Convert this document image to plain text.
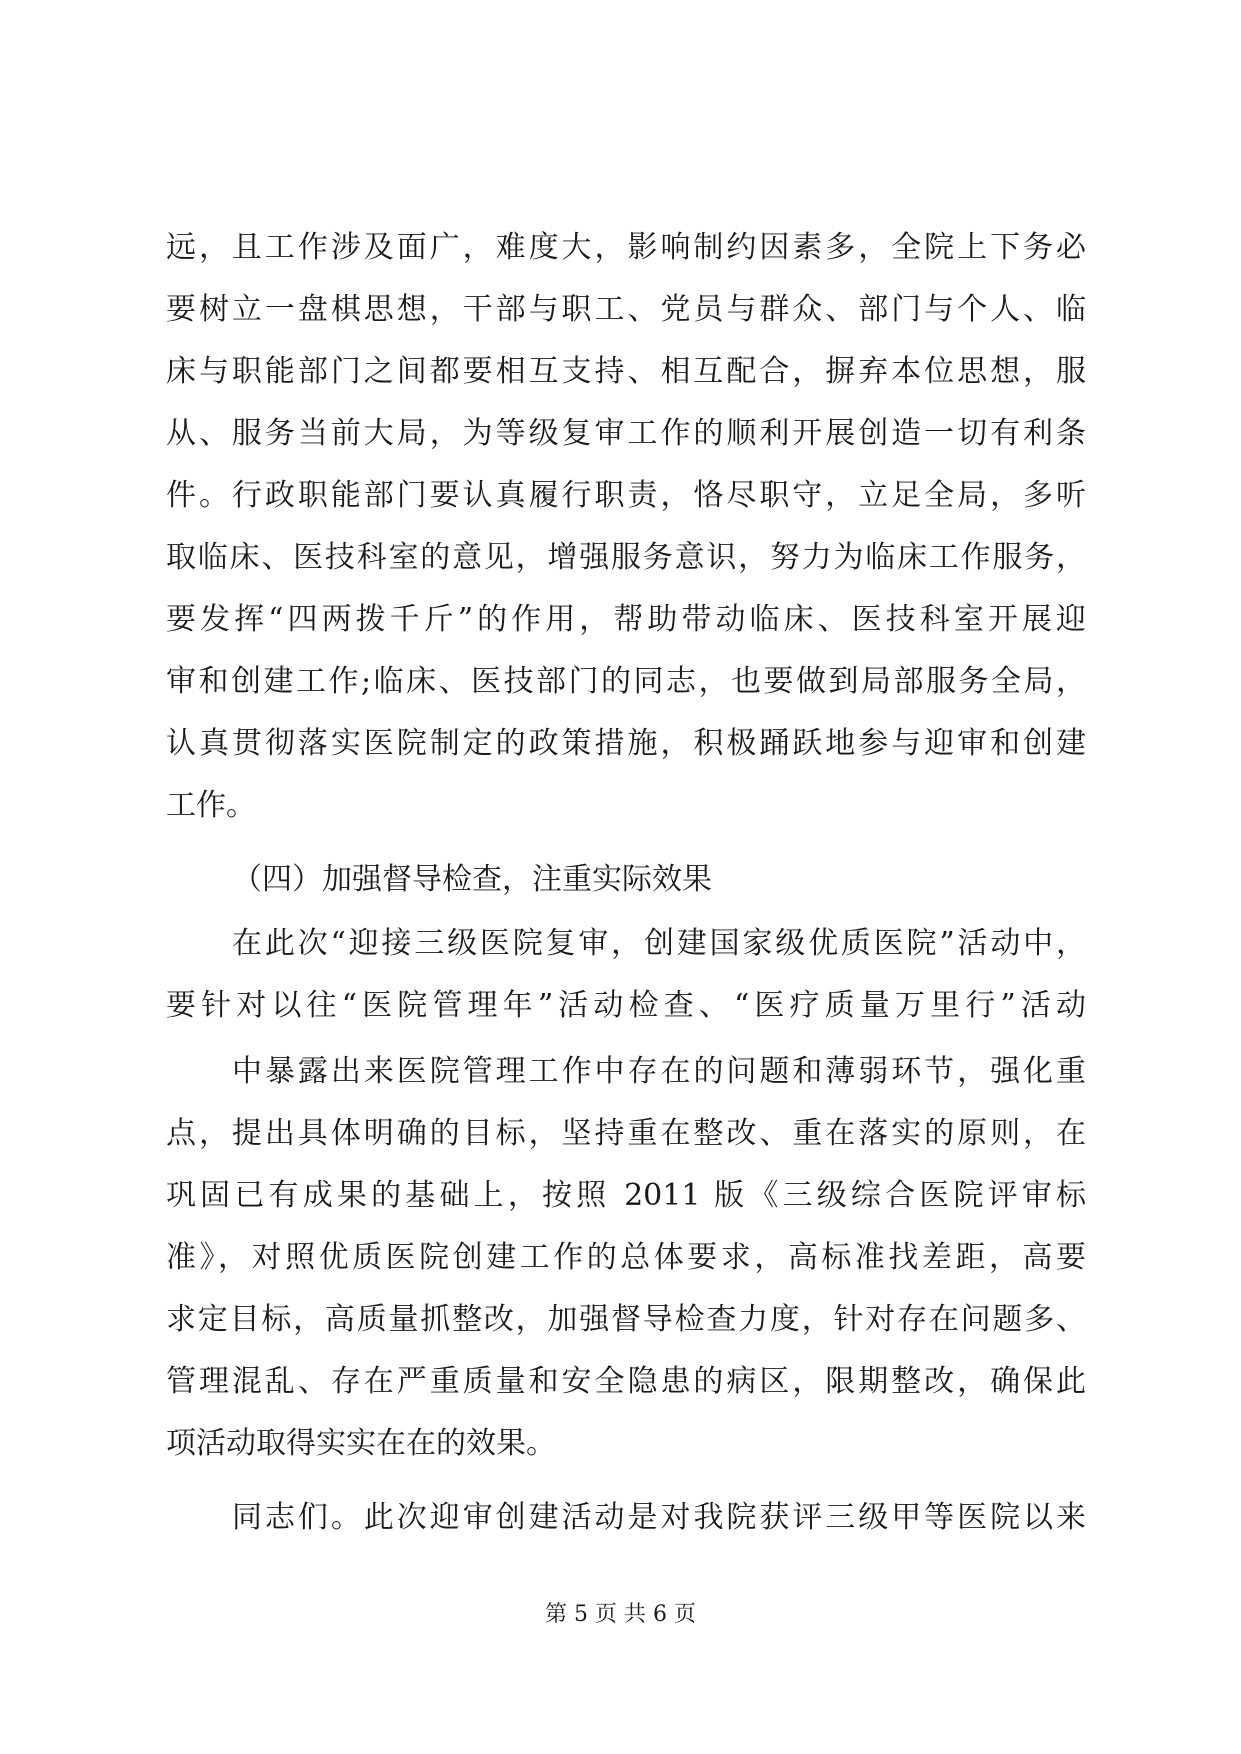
远，且工作涉及面广，难度大，影响制约因素多，全院上下务必
要树立一盘棋思想，干部与职工、党员与群众、部门与个人、临
床与职能部门之间都要相互支持、相互配合，摒弃本位思想，服
从、服务当前大局，为等级复审工作的顺利开展创造一切有利条
件。行政职能部门要认真履行职责，恪尽职守，立足全局，多听
取临床、医技科室的意见，增强服务意识，努力为临床工作服务，
要发挥“四两拨千斤”的作用，帮助带动临床、医技科室开展迎
审和创建工作;临床、医技部门的同志，也要做到局部服务全局，
认真贯彻落实医院制定的政策措施，积极踊跃地参与迎审和创建
工作。
（四）加强督导检查，注重实际效果
在此次“迎接三级医院复审，创建国家级优质医院”活动中，
要针对以往“医院管理年”活动检查、“医疗质量万里行”活动
中暴露出来医院管理工作中存在的问题和薄弱环节，强化重
点，提出具体明确的目标，坚持重在整改、重在落实的原则，在
巩固已有成果的基础上，按照 2011 版《三级综合医院评审标
准》，对照优质医院创建工作的总体要求，高标准找差距，高要
求定目标，高质量抓整改，加强督导检查力度，针对存在问题多、
管理混乱、存在严重质量和安全隐患的病区，限期整改，确保此
项活动取得实实在在的效果。
同志们。此次迎审创建活动是对我院获评三级甲等医院以来
第 5 页 共 6 页
